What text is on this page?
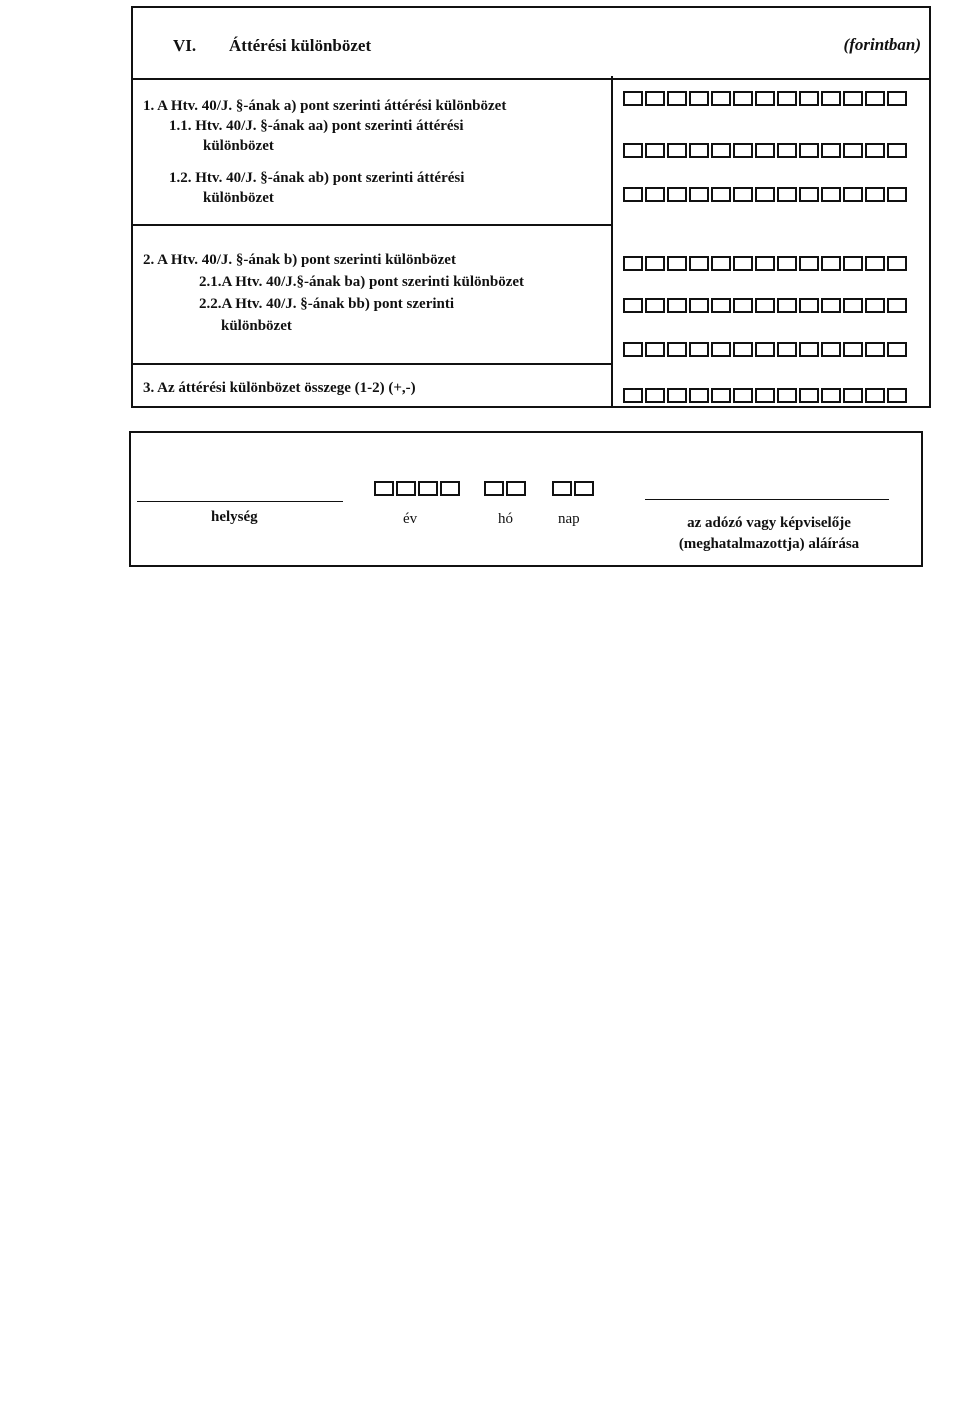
VI. Áttérési különbözet	(forintban)
1. A Htv. 40/J. §-ának a) pont szerinti áttérési különbözet
1.1. Htv. 40/J. §-ának aa) pont szerinti áttérési
különbözet
1.2. Htv. 40/J. §-ának ab) pont szerinti áttérési
különbözet
2. A Htv. 40/J. §-ának b) pont szerinti különbözet
2.1.A Htv. 40/J.§-ának ba) pont szerinti különbözet
2.2.A Htv. 40/J. §-ának bb) pont szerinti
különbözet
3. Az áttérési különbözet összege (1-2) (+,-)
helység	év	hó	nap	az adózó vagy képviselője
(meghatalmazottja) aláírása
